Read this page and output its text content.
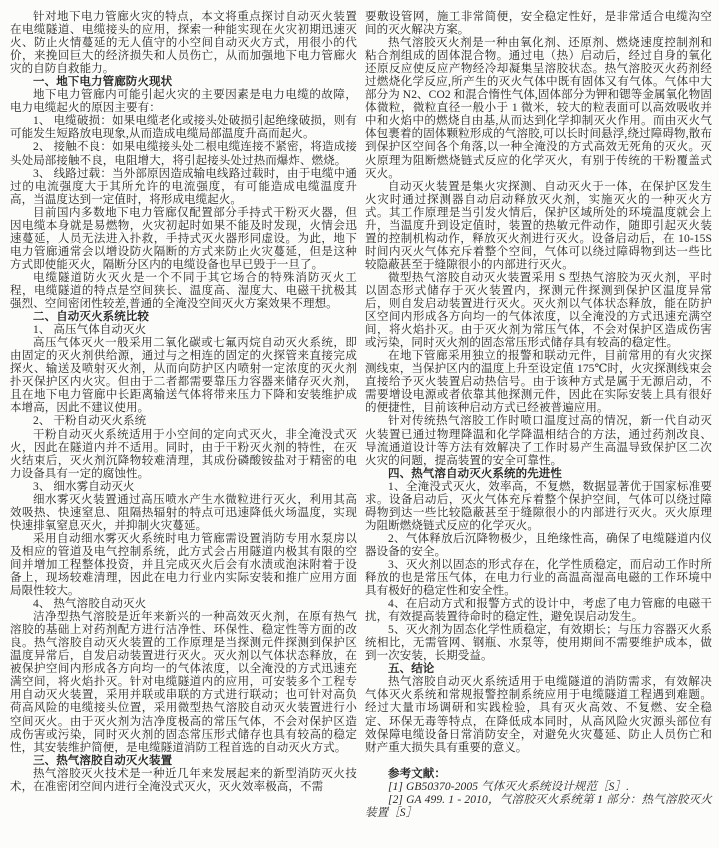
针对地下电力管廊火灾的特点，本文将重点探讨自动灭火装置在电缆隧道、电缆接头的应用，探索一种能实现在火灾初期迅速灭火、防止火情蔓延的无人值守的小空间自动灭火方式，用很小的代价，来挽回巨大的经济损失和人员伤亡，从而加强地下电力管廊火灾的自防自救能力。

一、地下电力管廊防火现状

地下电力管廊内可能引起火灾的主要因素是电力电缆的故障，电力电缆起火的原因主要有：

1、 电缆破损：如果电缆老化或接头处破损引起绝缘破损，则有可能发生短路放电现象,从而造成电缆局部温度升高而起火。

2、 接触不良：如果电缆接头处二根电缆连接不紧密，将造成接头处局部接触不良，电阻增大，将引起接头处过热而爆炸、燃烧。

3、 线路过载：当外部原因造成输电线路过载时，由于电缆中通过的电流强度大于其所允许的电流强度，有可能造成电缆温度升高，当温度达到一定值时，将形成电缆起火。

目前国内多数地下电力管廊仅配置部分手持式干粉灭火器，但因电缆本身就是易燃物，火灾初起时如果不能及时发现，火情会迅速蔓延，人员无法进入扑救，手持式灭火器形同虚设。为此，地下电力管廊通常会以增设防火隔断的方式来防止火灾蔓延，但是这种方式即使能灭火，隔断分区内的电缆设备也早已毁于一旦了。

电缆隧道防火灭火是一个不同于其它场合的特殊消防灭火工程，电缆隧道的特点是空间狭长、温度高、湿度大、电磁干扰极其强烈、空间密闭性较差,普通的全淹没空间灭火方案效果不理想。

二、自动灭火系统比较

1、 高压气体自动灭火

高压气体灭火一般采用二氧化碳或七氟丙烷自动灭火系统，即由固定的灭火剂供给源，通过与之相连的固定的火探管来直接完成探火、输送及喷射灭火剂，从而向防护区内喷射一定浓度的灭火剂扑灭保护区内火灾。但由于二者都需要靠压力容器来储存灭火剂，且在地下电力管廊中长距离输送气体将带来压力下降和安装维护成本增高，因此不建议使用。

2、 干粉自动灭火系统

干粉自动灭火系统适用于小空间的定向式灭火，非全淹没式灭火，因此在隧道内并不适用。同时，由于干粉灭火剂的特性，在灭火结束后，灭火剂沉降物较难清理，其成份磷酸铵盐对于精密的电力设备具有一定的腐蚀性。

3、 细水雾自动灭火

细水雾灭火装置通过高压喷水产生水微粒进行灭火，利用其高效吸热、快速窒息、阻隔热辐射的特点可迅速降低火场温度，实现快速排氧窒息灭火，并抑制火灾蔓延。

采用自动细水雾灭火系统时电力管廊需设置消防专用水泵房以及相应的管道及电气控制系统，此方式会占用隧道内极其有限的空间并增加工程整体投资，并且完成灭火后会有水渍或泡沫附着于设备上，现场较难清理，因此在电力行业内实际安装和推广应用方面局限性较大。

4、 热气溶胶自动灭火

洁净型热气溶胶是近年来新兴的一种高效灭火剂，在原有热气溶胶的基础上对药剂配方进行洁净性、环保性、稳定性等方面的改良。热气溶胶自动灭火装置的工作原理是当探测元件探测到保护区温度异常后，自发启动装置进行灭火。灭火剂以气体状态释放，在被保护空间内形成各方向均一的气体浓度，以全淹没的方式迅速充满空间，将火焰扑灭。针对电缆隧道内的应用，可安装多个工程专用自动灭火装置，采用并联或串联的方式进行联动；也可针对高负荷高风险的电缆接头位置，采用微型热气溶胶自动灭火装置进行小空间灭火。由于灭火剂为洁净度极高的常压气体，不会对保护区造成伤害或污染，同时灭火剂的固态常压形式储存也具有较高的稳定性，其安装维护简便，是电缆隧道消防工程首选的自动灭火方式。

三、热气溶胶自动灭火装置

热气溶胶灭火技术是一种近几年来发展起来的新型消防灭火技术，在准密闭空间内进行全淹没式灭火，灭火效率极高，不需

要敷设管网，施工非常简便，安全稳定性好，是非常适合电缆沟空间的灭火解决方案。

热气溶胶灭火剂是一种由氧化剂、还原剂、燃烧速度控制剂和粘合剂组成的固体混合物。通过电（热）启动后，经过自身的氧化还原反应使反应产物经冷却凝集呈溶胶状态。热气溶胶灭火药剂经过燃烧化学反应,所产生的灭火气体中既有固体又有气体。气体中大部分为 N2、CO2 和混合惰性气体,固体部分为钾和锶等金属氧化物固体微粒，微粒直径一般小于 1 微米，较大的粒表面可以高效吸收并中和火焰中的燃烧自由基,从而达到化学抑制灭火作用。而由灭火气体包裹着的固体颗粒形成的气溶胶,可以长时间悬浮,绕过障碍物,散布到保护区空间各个角落,以一种全淹没的方式高效无死角的灭火。灭火原理为阻断燃烧链式反应的化学灭火，有别于传统的干粉覆盖式灭火。

自动灭火装置是集火灾探测、自动灭火于一体，在保护区发生火灾时通过探测器自动启动释放灭火剂，实施灭火的一种灭火方式。其工作原理是当引发火情后，保护区域所处的环境温度就会上升，当温度升到设定值时，装置的热敏元件动作，随即引起灭火装置的控制机构动作，释放灭火剂进行灭火。设备启动后，在 10-15S 时间内灭火气体充斥着整个空间，气体可以绕过障碍物到达一些比较隐蔽甚至于缝隙很小的内部进行灭火。

微型热气溶胶自动灭火装置采用 S 型热气溶胶为灭火剂，平时以固态形式储存于灭火装置内，探测元件探测到保护区温度异常后，则自发启动装置进行灭火。灭火剂以气体状态释放，能在防护区空间内形成各方向均一的气体浓度，以全淹没的方式迅速充满空间，将火焰扑灭。由于灭火剂为常压气体，不会对保护区造成伤害或污染，同时灭火剂的固态常压形式储存具有较高的稳定性。

在地下管廊采用独立的报警和联动元件，目前常用的有火灾探测线束，当保护区内的温度上升至设定值 175℃时，火灾探测线束会直接给予灭火装置启动热信号。由于该种方式是属于无源启动，不需要增设电源或者依靠其他探测元件，因此在实际安装上具有很好的便捷性，目前该种启动方式已经被普遍应用。

针对传统热气溶胶工作时喷口温度过高的情况，新一代自动灭火装置已通过物理降温和化学降温相结合的方法，通过药剂改良、导流通道设计等方法有效解决了工作时易产生高温导致保护区二次火灾的问题，提高装置的安全可靠性。

四、热气溶自动灭火系统的先进性

1、全淹没式灭火，效率高，不复燃，数据显著优于国家标准要求。设备启动后，灭火气体充斥着整个保护空间，气体可以绕过障碍物到达一些比较隐蔽甚至于缝隙很小的内部进行灭火。灭火原理为阻断燃烧链式反应的化学灭火。

2、气体释放后沉降物极少，且绝缘性高，确保了电缆隧道内仪器设备的安全。

3、灭火剂以固态的形式存在，化学性质稳定，而启动工作时所释放的也是常压气体，在电力行业的高温高湿高电磁的工作环境中具有极好的稳定性和安全性。

4、在启动方式和报警方式的设计中，考虑了电力管廊的电磁干扰，有效提高装置待命时的稳定性，避免误启动发生。

5、灭火剂为固态化学性质稳定，有效期长；与压力容器灭火系统相比，无需管网、钢瓶、水泵等，使用期间不需要维护成本，做到一次安装，长期受益。

五、结论

热气溶胶自动灭火系统适用于电缆隧道的消防需求，有效解决气体灭火系统和常规报警控制系统应用于电缆隧道工程遇到难题。经过大量市场调研和实践检验，具有灭火高效、不复燃、安全稳定、环保无毒等特点，在降低成本同时，从高风险火灾源头部位有效保障电缆设备日常消防安全，对避免火灾蔓延、防止人员伤亡和财产重大损失具有重要的意义。

参考文献：

[1] GB50370-2005 气体灭火系统设计规范［S］.

[2] GA 499. 1 - 2010，气溶胶灭火系统第 1 部分：热气溶胶灭火装置［S］
